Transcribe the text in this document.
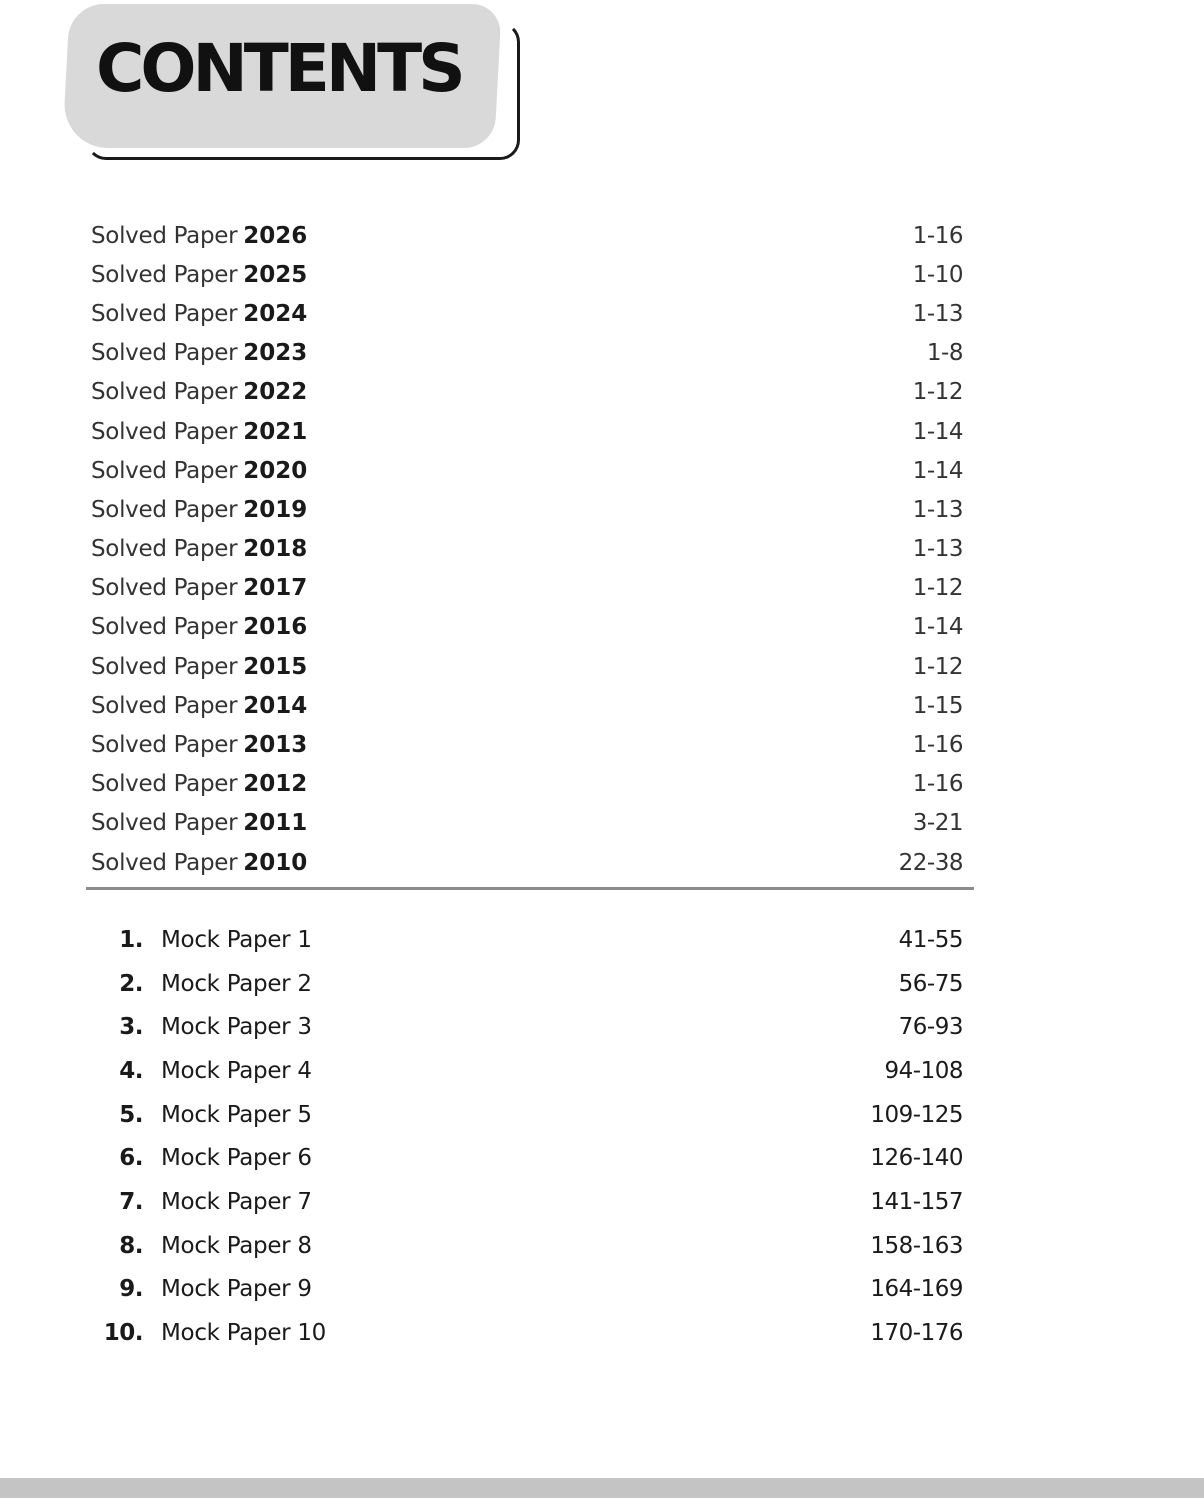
CONTENTS
Solved Paper 2026	1-16
Solved Paper 2025	1-10
Solved Paper 2024	1-13
Solved Paper 2023	1-8
Solved Paper 2022	1-12
Solved Paper 2021	1-14
Solved Paper 2020	1-14
Solved Paper 2019	1-13
Solved Paper 2018	1-13
Solved Paper 2017	1-12
Solved Paper 2016	1-14
Solved Paper 2015	1-12
Solved Paper 2014	1-15
Solved Paper 2013	1-16
Solved Paper 2012	1-16
Solved Paper 2011	3-21
Solved Paper 2010	22-38
1. Mock Paper 1	41-55
2. Mock Paper 2	56-75
3. Mock Paper 3	76-93
4. Mock Paper 4	94-108
5. Mock Paper 5	109-125
6. Mock Paper 6	126-140
7. Mock Paper 7	141-157
8. Mock Paper 8	158-163
9. Mock Paper 9	164-169
10. Mock Paper 10	170-176
